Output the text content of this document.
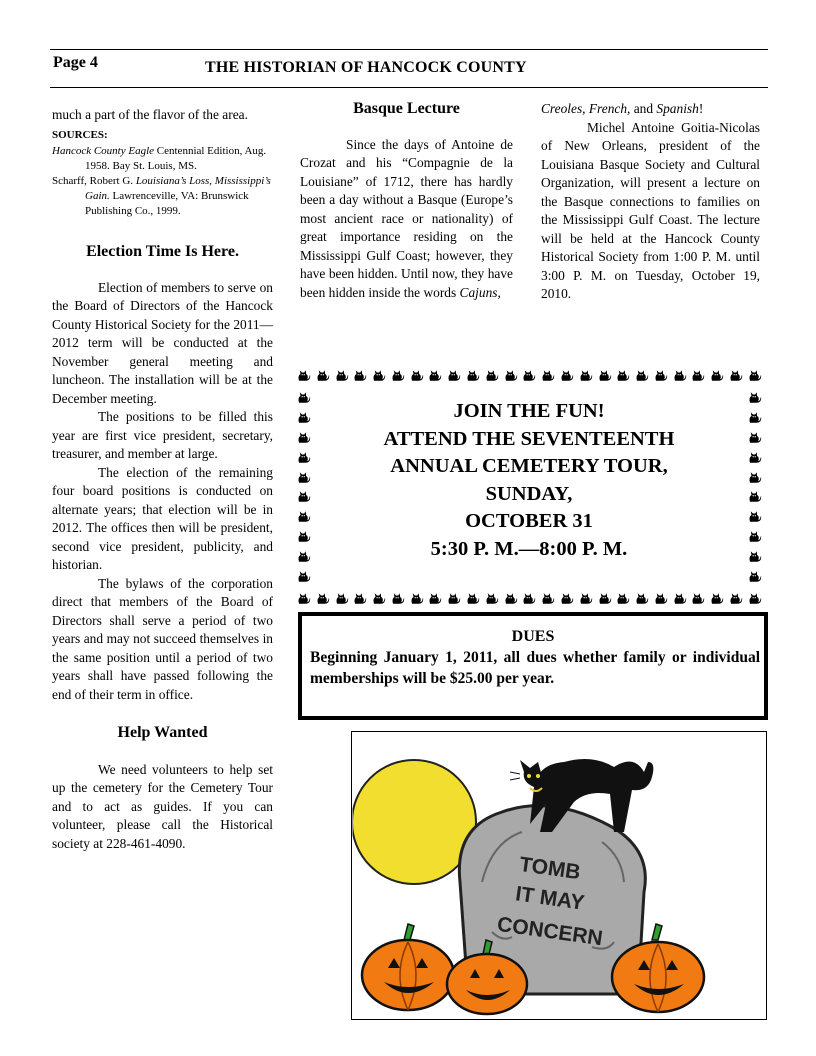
Page 4	THE HISTORIAN OF HANCOCK COUNTY

much a part of the flavor of the area.

SOURCES:

Hancock County Eagle Centennial Edition, Aug. 1958. Bay St. Louis, MS.

Scharff, Robert G. Louisiana’s Loss, Mississippi’s Gain. Lawrenceville, VA: Brunswick Publishing Co., 1999.

Election Time Is Here.

Election of members to serve on the Board of Directors of the Hancock County Historical Society for the 2011—2012 term will be conducted at the November general meeting and luncheon. The installation will be at the December meeting.

The positions to be filled this year are first vice president, secretary, treasurer, and member at large.

The election of the remaining four board positions is conducted on alternate years; that election will be in 2012. The offices then will be president, second vice president, publicity, and historian.

The bylaws of the corporation direct that members of the Board of Directors shall serve a period of two years and may not succeed themselves in the same position until a period of two years shall have passed following the end of their term in office.

Help Wanted

We need volunteers to help set up the cemetery for the Cemetery Tour and to act as guides. If you can volunteer, please call the Historical society at 228-461-4090.

Basque Lecture

Since the days of Antoine de Crozat and his “Compagnie de la Louisiane” of 1712, there has hardly been a day without a Basque (Europe’s most ancient race or nationality) of great importance residing on the Mississippi Gulf Coast; however, they have been hidden. Until now, they have been hidden inside the words Cajuns,

Creoles, French, and Spanish!

Michel Antoine Goitia-Nicolas of New Orleans, president of the Louisiana Basque Society and Cultural Organization, will present a lecture on the Basque connections to families on the Mississippi Gulf Coast. The lecture will be held at the Hancock County Historical Society from 1:00 P. M. until 3:00 P. M. on Tuesday, October 19, 2010.

JOIN THE FUN!
ATTEND THE SEVENTEENTH
ANNUAL CEMETERY TOUR,
SUNDAY,
OCTOBER 31
5:30 P. M.—8:00 P. M.
DUES
Beginning January 1, 2011, all dues whether family or individual memberships will be $25.00 per year.
TOMB
IT MAY
CONCERN
